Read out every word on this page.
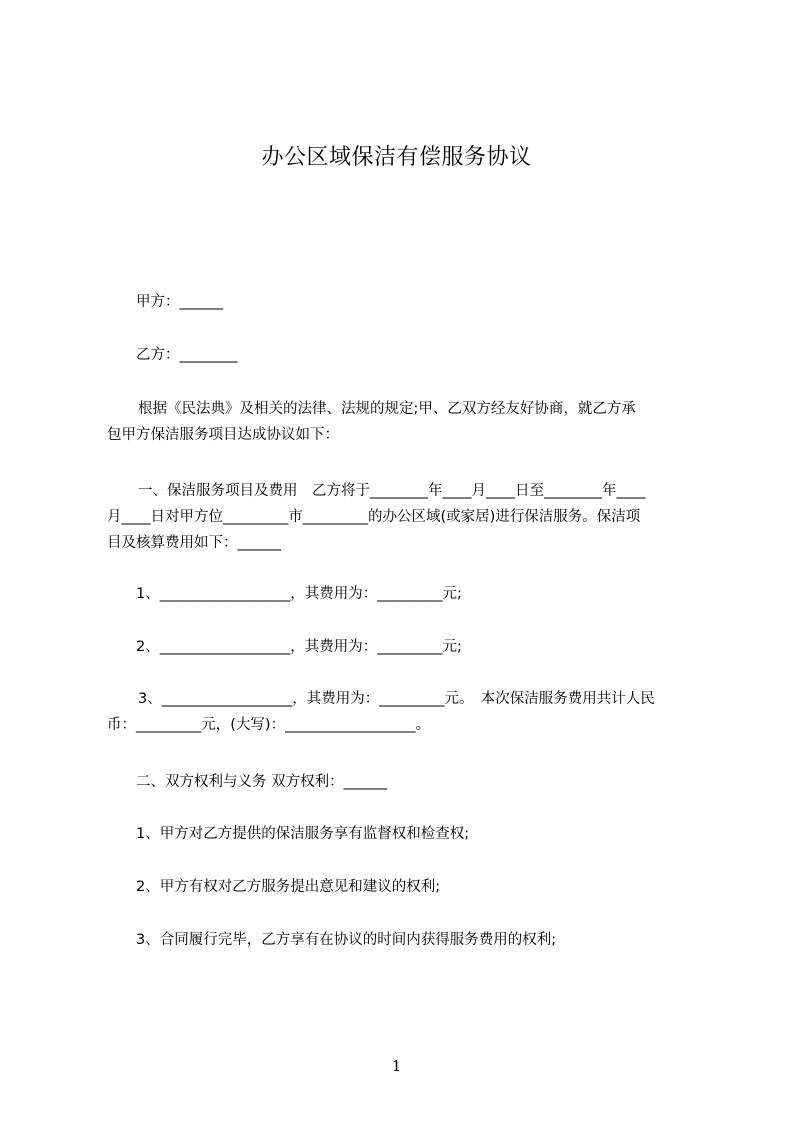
办公区域保洁有偿服务协议
甲方：______
乙方：________

根据《民法典》及相关的法律、法规的规定;甲、乙双方经友好协商，就乙方承

包甲方保洁服务项目达成协议如下：

一、保洁服务项目及费用　乙方将于________年____月____日至________年____

月____日对甲方位_________市_________的办公区域(或家居)进行保洁服务。保洁项

目及核算费用如下：______

1、__________________，其费用为：_________元;
2、__________________，其费用为：_________元;

3、__________________，其费用为：_________元。　本次保洁服务费用共计人民

币：_________元，(大写)：__________________。

二、双方权利与义务 双方权利：______
1、甲方对乙方提供的保洁服务享有监督权和检查权;
2、甲方有权对乙方服务提出意见和建议的权利;
3、合同履行完毕，乙方享有在协议的时间内获得服务费用的权利;
1
